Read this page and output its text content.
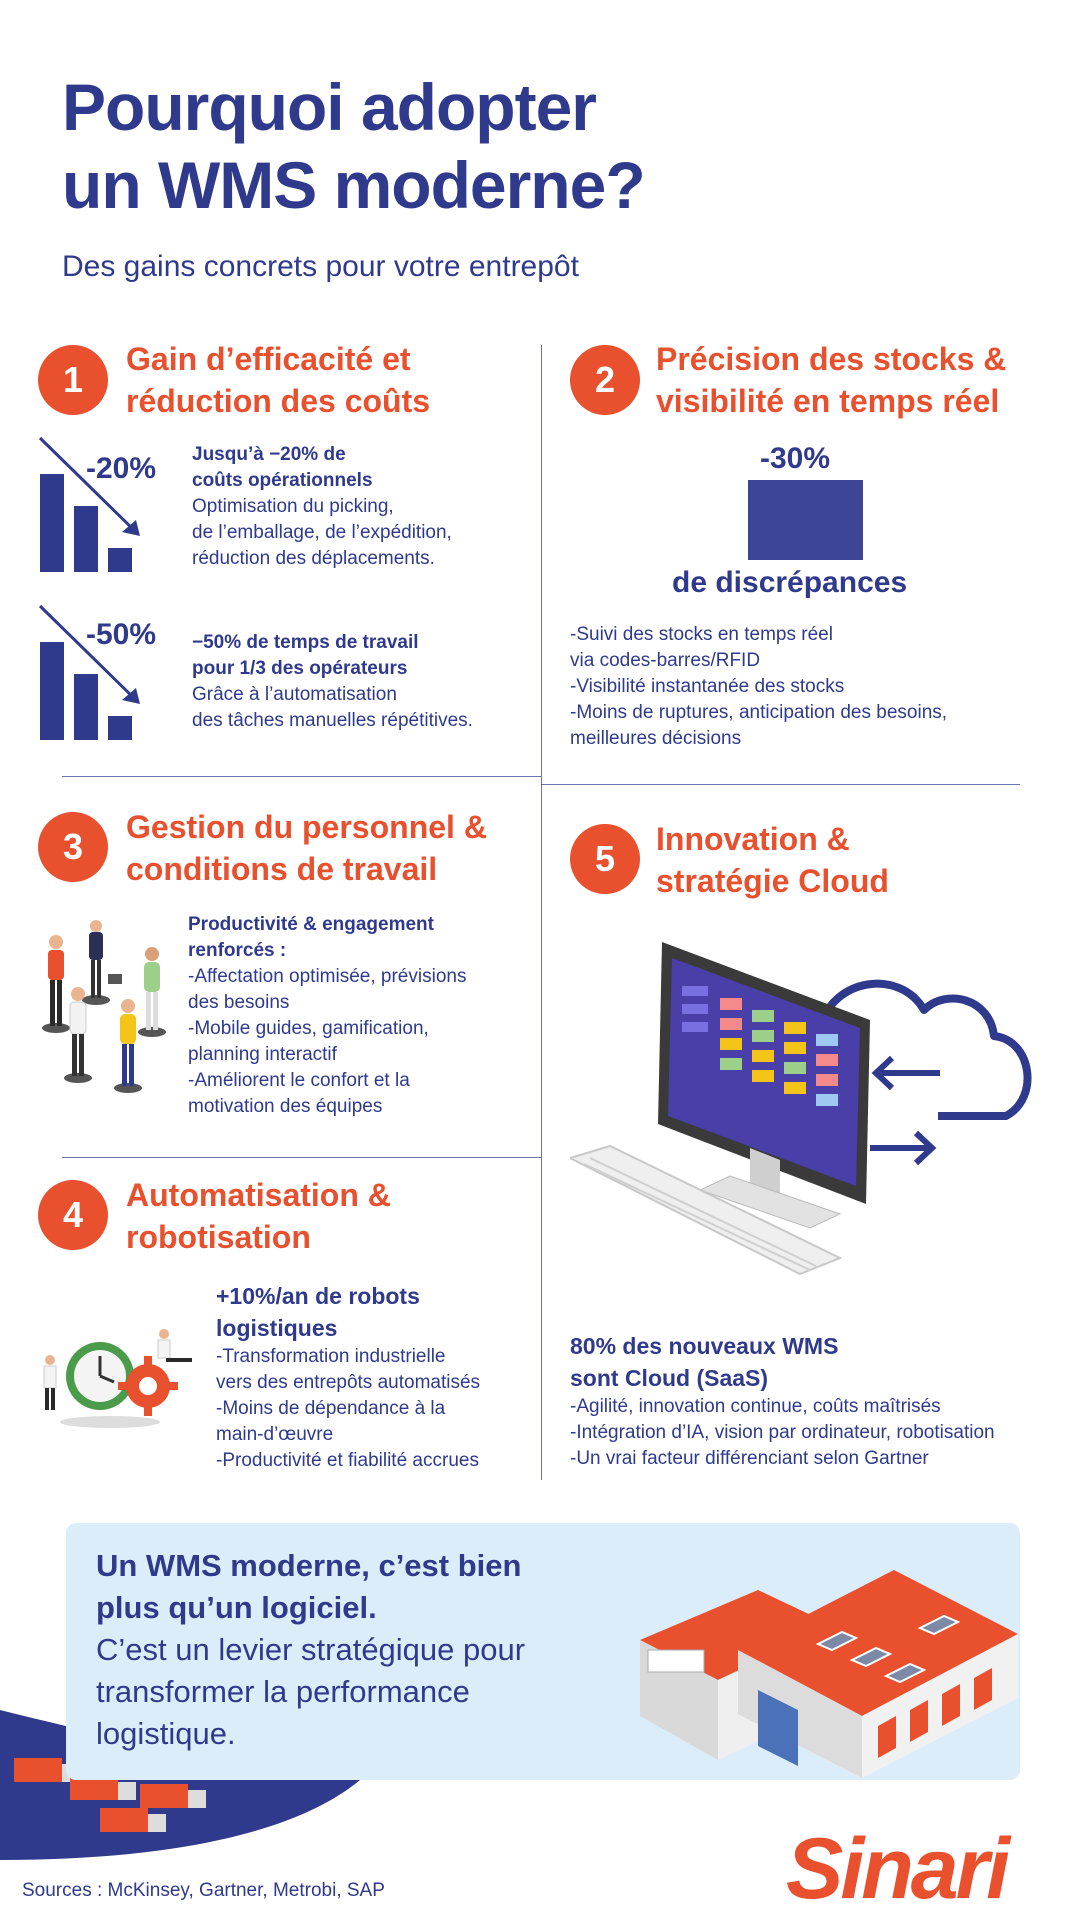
Pourquoi adopter
un WMS moderne?
Des gains concrets pour votre entrepôt
1	Gain d’efficacité et
réduction des coûts
-20% Jusqu’à −20% de
coûts opérationnels
Optimisation du picking,
de l’emballage, de l’expédition,
réduction des déplacements.
-50% −50% de temps de travail
pour 1/3 des opérateurs
Grâce à l’automatisation
des tâches manuelles répétitives.
2	Précision des stocks &
visibilité en temps réel
-30%
de discrépances
-Suivi des stocks en temps réel
via codes-barres/RFID
-Visibilité instantanée des stocks
-Moins de ruptures, anticipation des besoins,
meilleures décisions
3	Gestion du personnel &
conditions de travail
Productivité & engagement
renforcés :
-Affectation optimisée, prévisions
des besoins
-Mobile guides, gamification,
planning interactif
-Améliorent le confort et la
motivation des équipes
4	Automatisation &
robotisation
+10%/an de robots
logistiques
-Transformation industrielle
vers des entrepôts automatisés
-Moins de dépendance à la
main-d’œuvre
-Productivité et fiabilité accrues
5	Innovation &
stratégie Cloud
80% des nouveaux WMS
sont Cloud (SaaS)
-Agilité, innovation continue, coûts maîtrisés
-Intégration d’IA, vision par ordinateur, robotisation
-Un vrai facteur différenciant selon Gartner
Un WMS moderne, c’est bien
plus qu’un logiciel.
C’est un levier stratégique pour
transformer la performance
logistique.
Sources : McKinsey, Gartner, Metrobi, SAP	Sinari
